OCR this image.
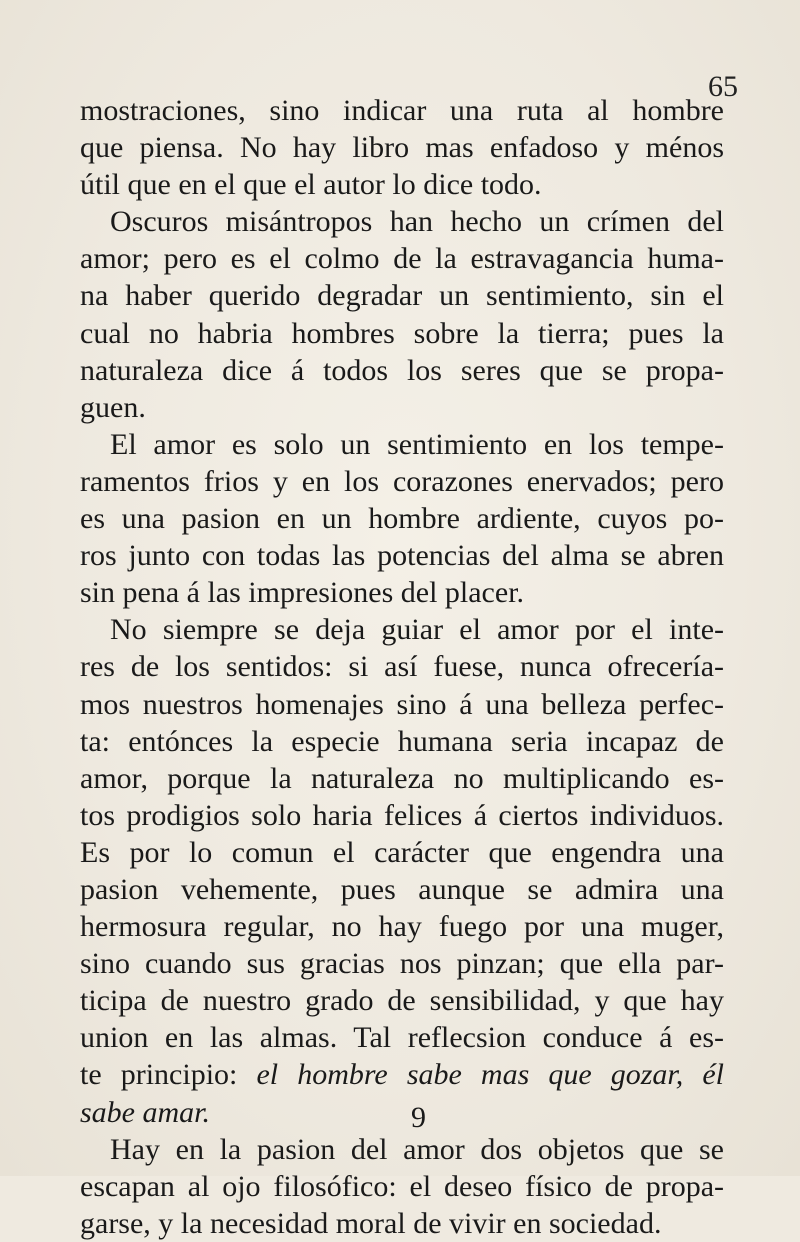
65
mostraciones, sino indicar una ruta al hombre
que piensa. No hay libro mas enfadoso y ménos
útil que en el que el autor lo dice todo.
Oscuros misántropos han hecho un crímen del
amor; pero es el colmo de la estravagancia huma-
na haber querido degradar un sentimiento, sin el
cual no habria hombres sobre la tierra; pues la
naturaleza dice á todos los seres que se propa-
guen.
El amor es solo un sentimiento en los tempe-
ramentos frios y en los corazones enervados; pero
es una pasion en un hombre ardiente, cuyos po-
ros junto con todas las potencias del alma se abren
sin pena á las impresiones del placer.
No siempre se deja guiar el amor por el inte-
res de los sentidos: si así fuese, nunca ofrecería-
mos nuestros homenajes sino á una belleza perfec-
ta: entónces la especie humana seria incapaz de
amor, porque la naturaleza no multiplicando es-
tos prodigios solo haria felices á ciertos individuos.
Es por lo comun el carácter que engendra una
pasion vehemente, pues aunque se admira una
hermosura regular, no hay fuego por una muger,
sino cuando sus gracias nos pinzan; que ella par-
ticipa de nuestro grado de sensibilidad, y que hay
union en las almas. Tal reflecsion conduce á es-
te principio: el hombre sabe mas que gozar, él
sabe amar.
Hay en la pasion del amor dos objetos que se
escapan al ojo filosófico: el deseo físico de propa-
garse, y la necesidad moral de vivir en sociedad.
9
